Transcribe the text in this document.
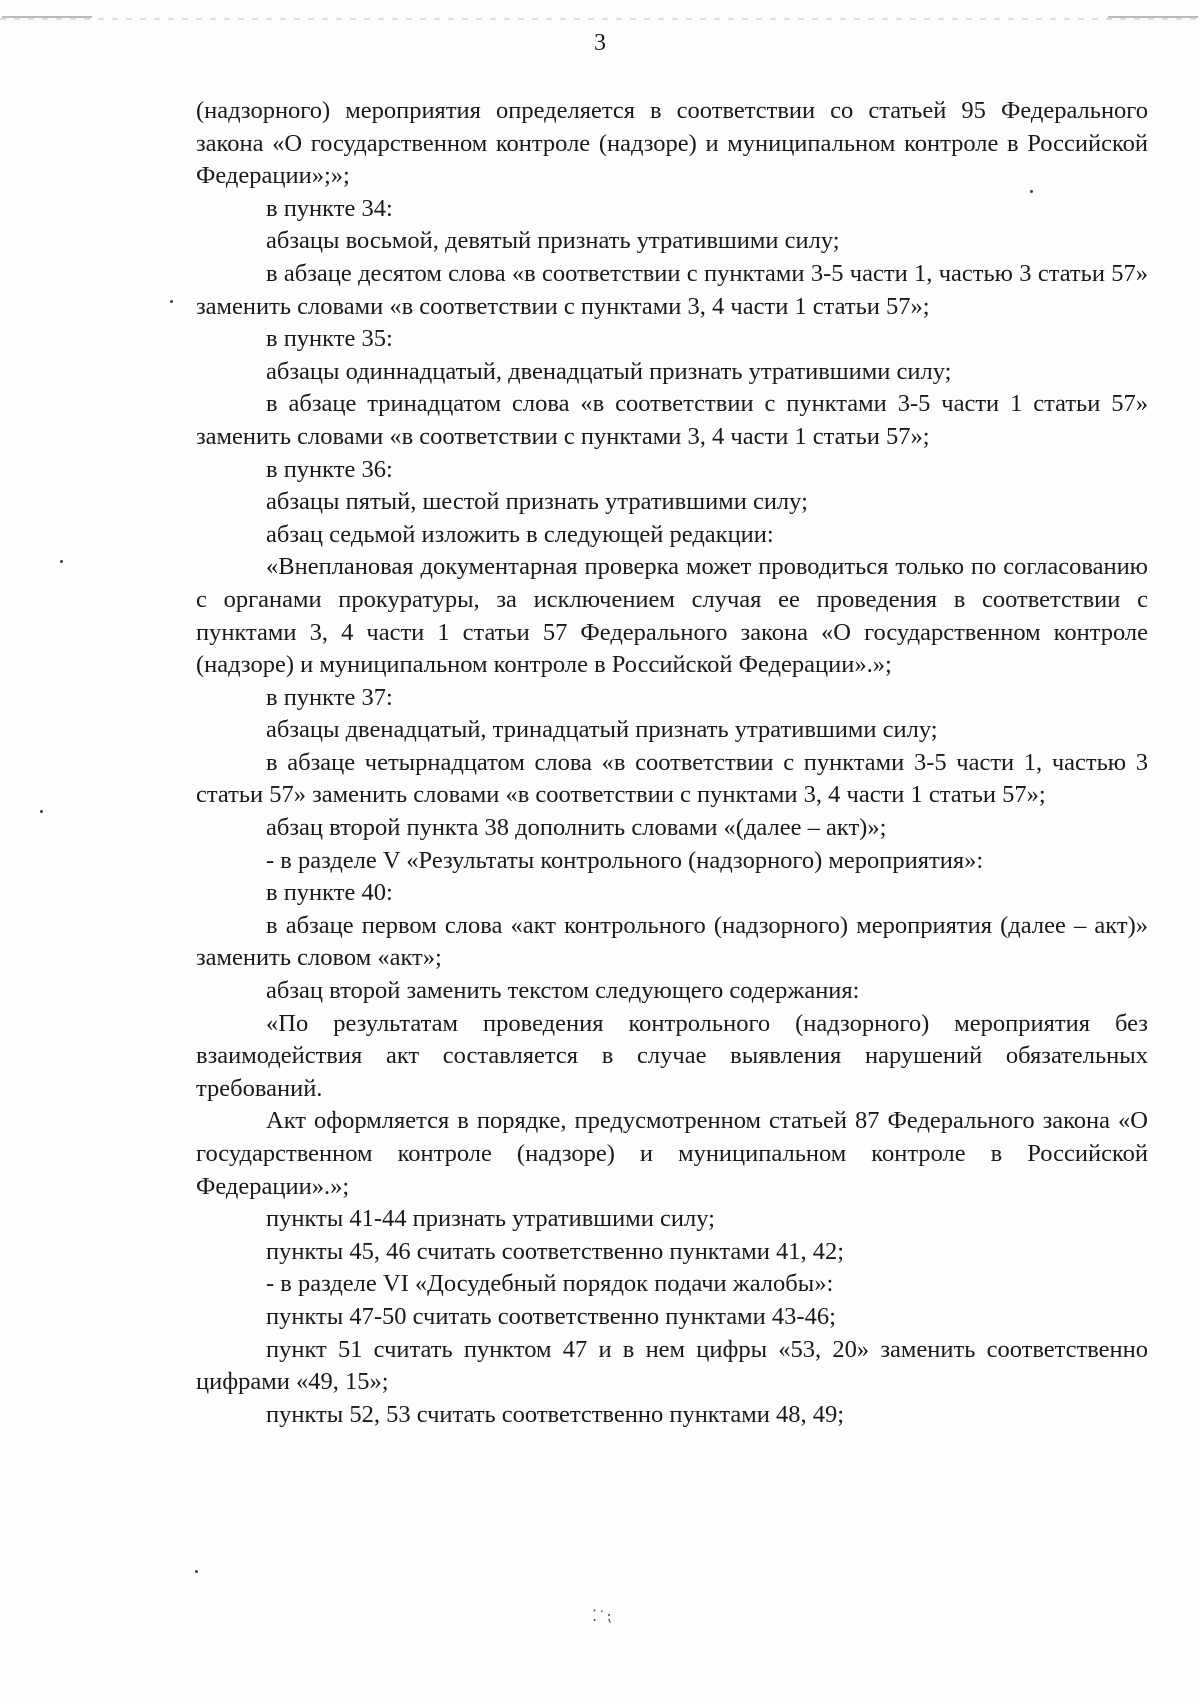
3

(надзорного) мероприятия определяется в соответствии со статьей 95 Федерального закона «О государственном контроле (надзоре) и муниципальном контроле в Российской Федерации»;»;

в пункте 34:

абзацы восьмой, девятый признать утратившими силу;

в абзаце десятом слова «в соответствии с пунктами 3-5 части 1, частью 3 статьи 57» заменить словами «в соответствии с пунктами 3, 4 части 1 статьи 57»;

в пункте 35:

абзацы одиннадцатый, двенадцатый признать утратившими силу;

в абзаце тринадцатом слова «в соответствии с пунктами 3-5 части 1 статьи 57» заменить словами «в соответствии с пунктами 3, 4 части 1 статьи 57»;

в пункте 36:

абзацы пятый, шестой признать утратившими силу;

абзац седьмой изложить в следующей редакции:

«Внеплановая документарная проверка может проводиться только по согласованию с органами прокуратуры, за исключением случая ее проведения в соответствии с пунктами 3, 4 части 1 статьи 57 Федерального закона «О государственном контроле (надзоре) и муниципальном контроле в Российской Федерации».»;

в пункте 37:

абзацы двенадцатый, тринадцатый признать утратившими силу;

в абзаце четырнадцатом слова «в соответствии с пунктами 3-5 части 1, частью 3 статьи 57» заменить словами «в соответствии с пунктами 3, 4 части 1 статьи 57»;

абзац второй пункта 38 дополнить словами «(далее – акт)»;

- в разделе V «Результаты контрольного (надзорного) мероприятия»:

в пункте 40:

в абзаце первом слова «акт контрольного (надзорного) мероприятия (далее – акт)» заменить словом «акт»;

абзац второй заменить текстом следующего содержания:

«По результатам проведения контрольного (надзорного) мероприятия без взаимодействия акт составляется в случае выявления нарушений обязательных требований.

Акт оформляется в порядке, предусмотренном статьей 87 Федерального закона «О государственном контроле (надзоре) и муниципальном контроле в Российской Федерации».»;

пункты 41-44 признать утратившими силу;

пункты 45, 46 считать соответственно пунктами 41, 42;

- в разделе VI «Досудебный порядок подачи жалобы»:

пункты 47-50 считать соответственно пунктами 43-46;

пункт 51 считать пунктом 47 и в нем цифры «53, 20» заменить соответственно цифрами «49, 15»;

пункты 52, 53 считать соответственно пунктами 48, 49;

⁚˙⁏
